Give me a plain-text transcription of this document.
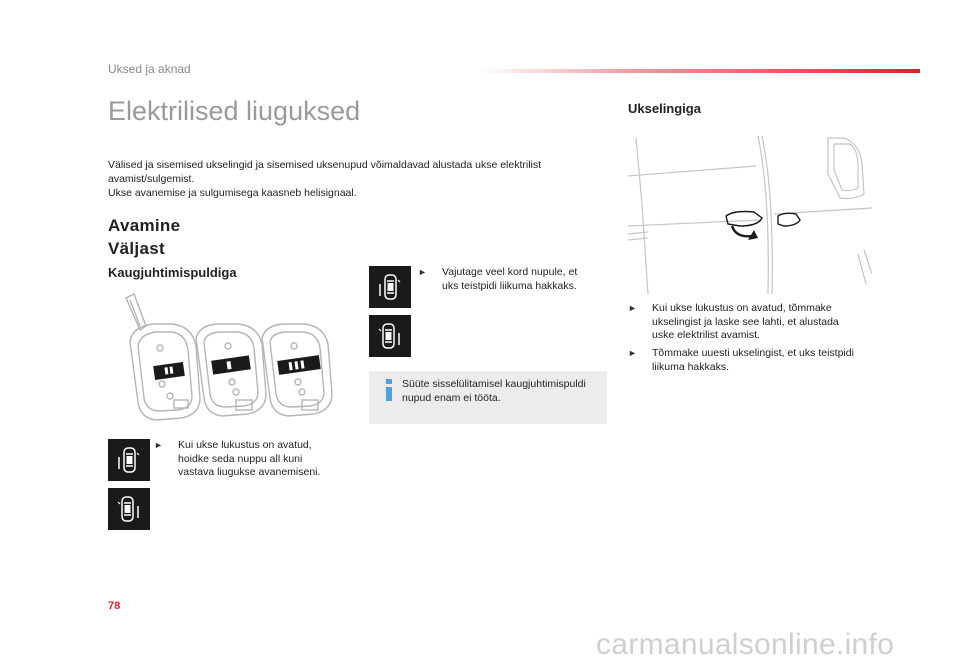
Uksed ja aknad
Elektrilised liuguksed
Välised ja sisemised ukselingid ja sisemised uksenupud võimaldavad alustada ukse elektrilist
avamist/sulgemist.
Ukse avanemise ja sulgumisega kaasneb helisignaal.
Avamine
Väljast
Kaugjuhtimispuldiga
► Kui ukse lukustus on avatud,
hoidke seda nuppu all kuni
vastava liugukse avanemiseni.
► Vajutage veel kord nupule, et
uks teistpidi liikuma hakkaks.
Süüte sisselülitamisel kaugjuhtimispuldi
nupud enam ei tööta.
Ukselingiga
► Kui ukse lukustus on avatud, tõmmake
ukselingist ja laske see lahti, et alustada
uske elektrilist avamist.
► Tõmmake uuesti ukselingist, et uks teistpidi
liikuma hakkaks.
78
carmanualsonline.info
